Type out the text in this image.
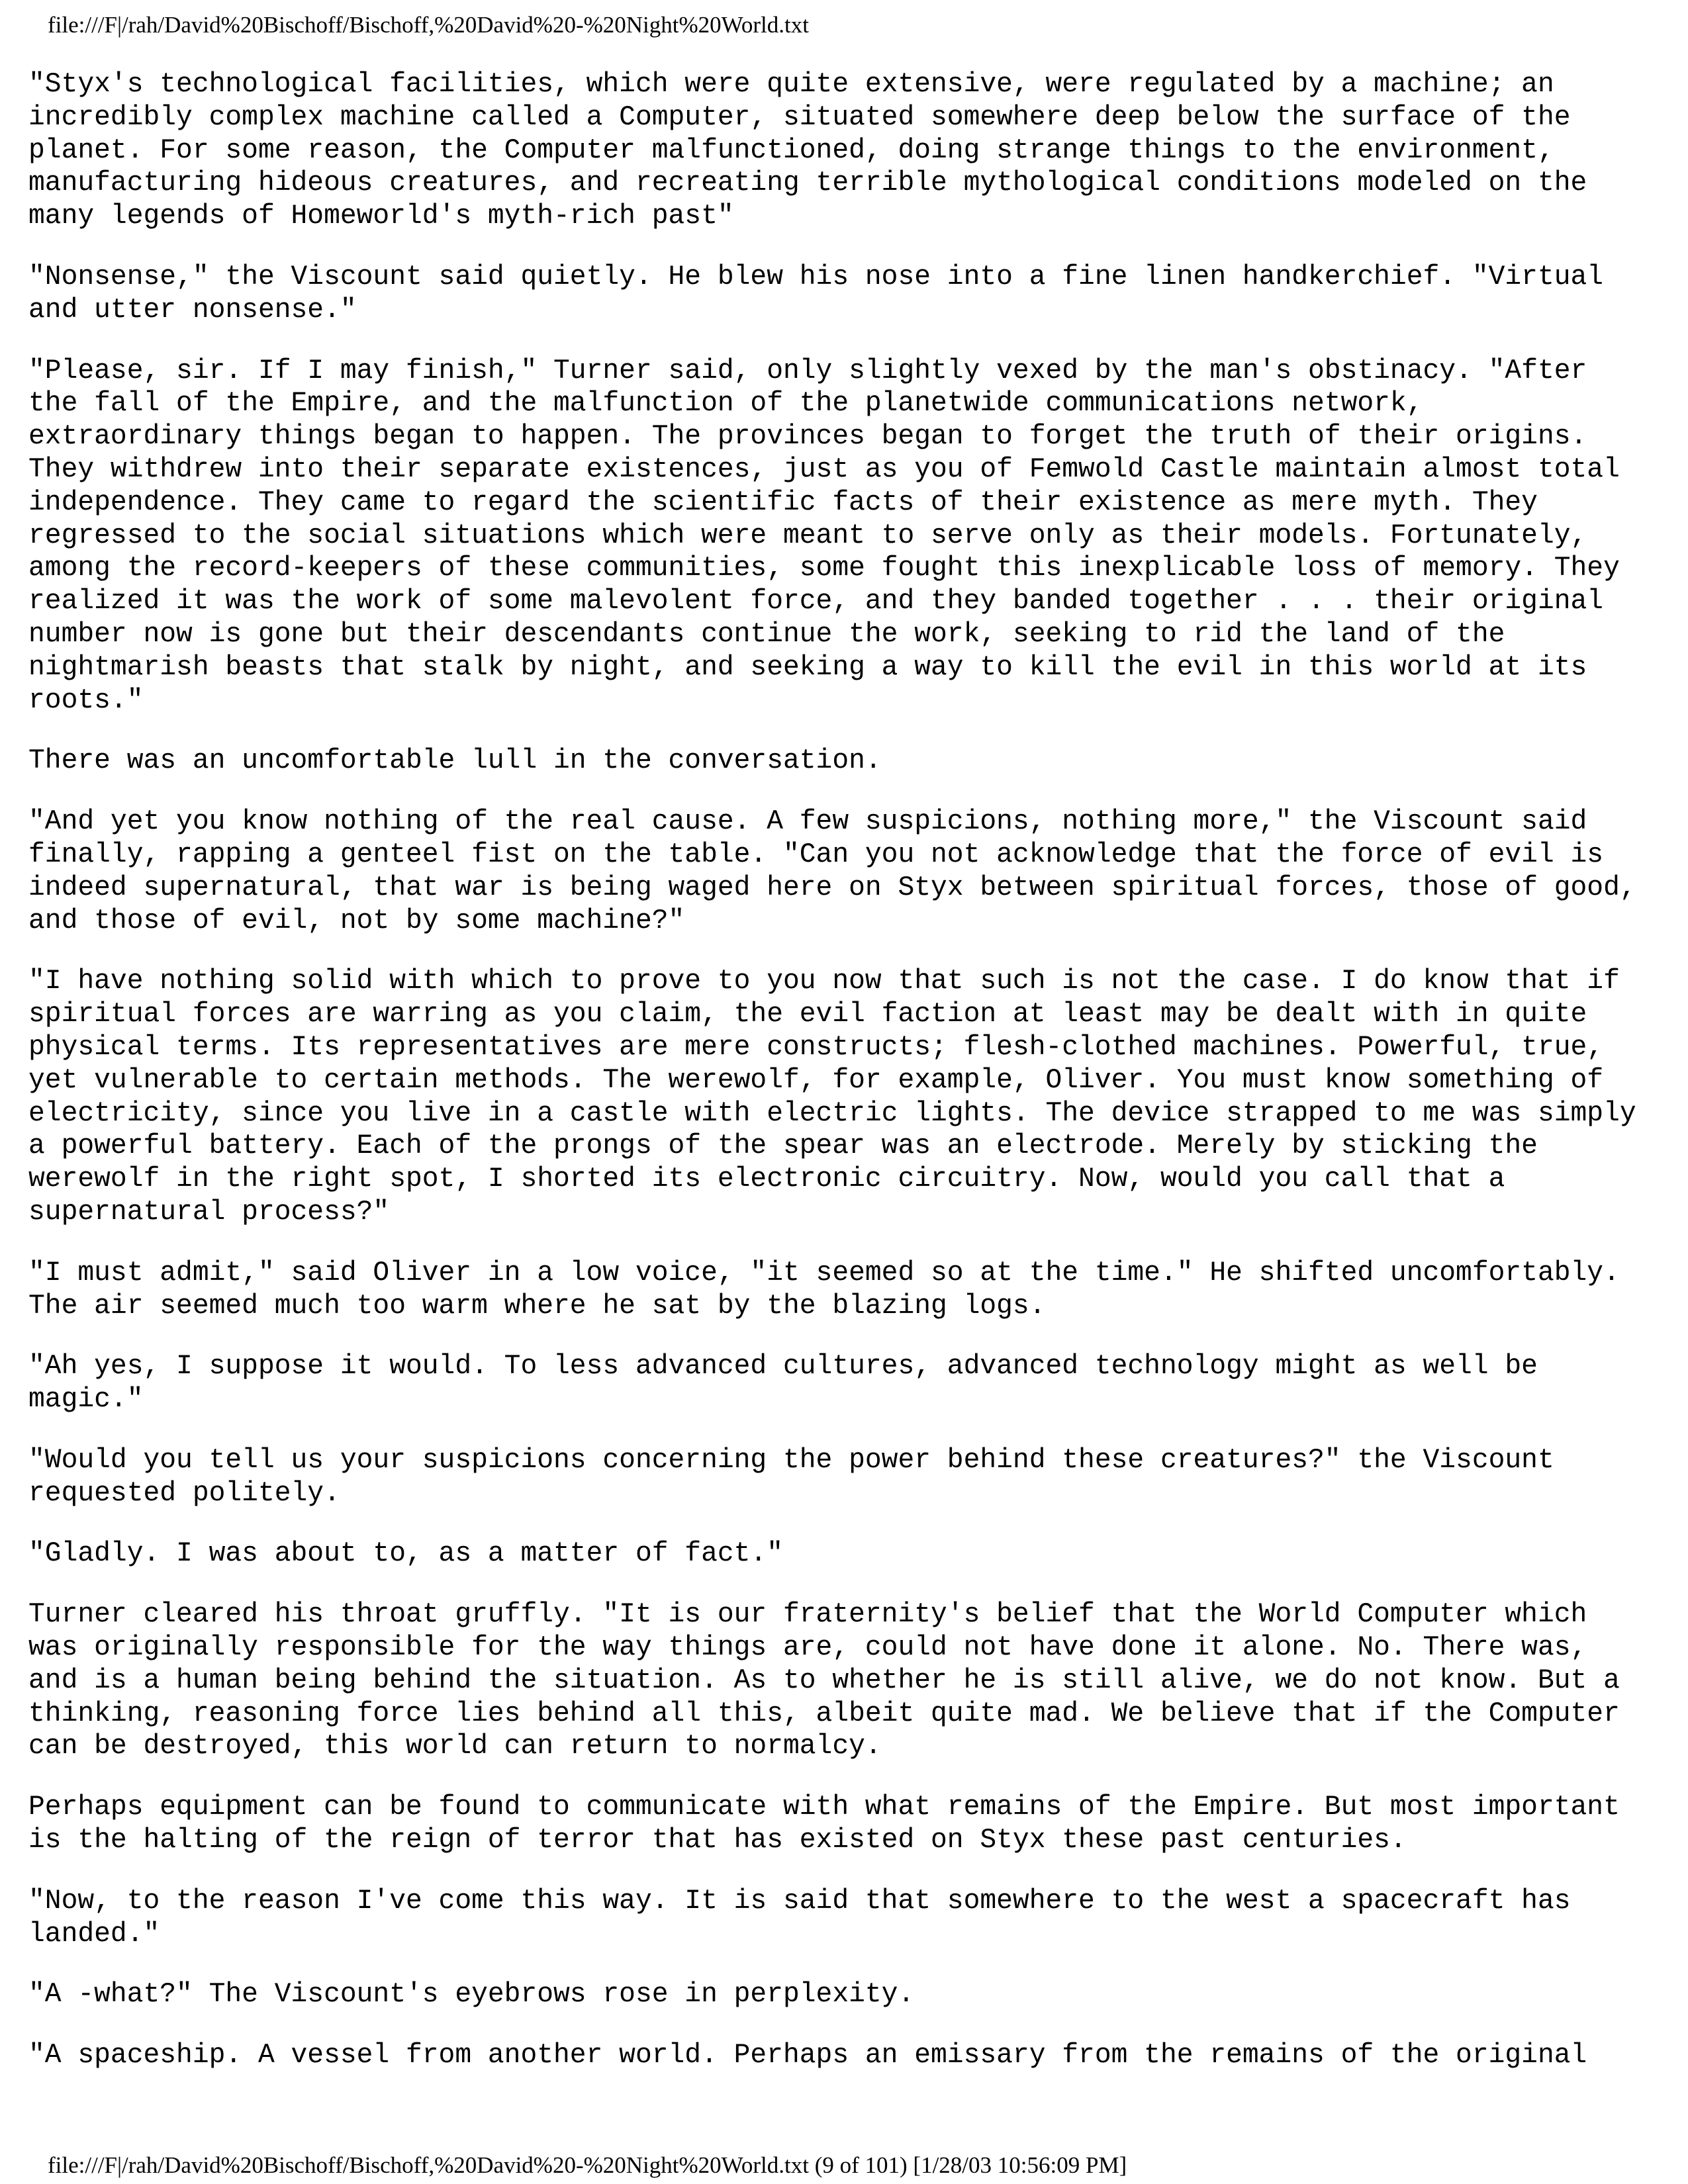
file:///F|/rah/David%20Bischoff/Bischoff,%20David%20-%20Night%20World.txt

"Styx's technological facilities, which were quite extensive, were regulated by a machine; an
incredibly complex machine called a Computer, situated somewhere deep below the surface of the
planet. For some reason, the Computer malfunctioned, doing strange things to the environment,
manufacturing hideous creatures, and recreating terrible mythological conditions modeled on the
many legends of Homeworld's myth-rich past"

"Nonsense," the Viscount said quietly. He blew his nose into a fine linen handkerchief. "Virtual
and utter nonsense."

"Please, sir. If I may finish," Turner said, only slightly vexed by the man's obstinacy. "After
the fall of the Empire, and the malfunction of the planetwide communications network,
extraordinary things began to happen. The provinces began to forget the truth of their origins.
They withdrew into their separate existences, just as you of Femwold Castle maintain almost total
independence. They came to regard the scientific facts of their existence as mere myth. They
regressed to the social situations which were meant to serve only as their models. Fortunately,
among the record-keepers of these communities, some fought this inexplicable loss of memory. They
realized it was the work of some malevolent force, and they banded together . . . their original
number now is gone but their descendants continue the work, seeking to rid the land of the
nightmarish beasts that stalk by night, and seeking a way to kill the evil in this world at its
roots."

There was an uncomfortable lull in the conversation.

"And yet you know nothing of the real cause. A few suspicions, nothing more," the Viscount said
finally, rapping a genteel fist on the table. "Can you not acknowledge that the force of evil is
indeed supernatural, that war is being waged here on Styx between spiritual forces, those of good,
and those of evil, not by some machine?"

"I have nothing solid with which to prove to you now that such is not the case. I do know that if
spiritual forces are warring as you claim, the evil faction at least may be dealt with in quite
physical terms. Its representatives are mere constructs; flesh-clothed machines. Powerful, true,
yet vulnerable to certain methods. The werewolf, for example, Oliver. You must know something of
electricity, since you live in a castle with electric lights. The device strapped to me was simply
a powerful battery. Each of the prongs of the spear was an electrode. Merely by sticking the
werewolf in the right spot, I shorted its electronic circuitry. Now, would you call that a
supernatural process?"

"I must admit," said Oliver in a low voice, "it seemed so at the time." He shifted uncomfortably.
The air seemed much too warm where he sat by the blazing logs.

"Ah yes, I suppose it would. To less advanced cultures, advanced technology might as well be
magic."

"Would you tell us your suspicions concerning the power behind these creatures?" the Viscount
requested politely.

"Gladly. I was about to, as a matter of fact."

Turner cleared his throat gruffly. "It is our fraternity's belief that the World Computer which
was originally responsible for the way things are, could not have done it alone. No. There was,
and is a human being behind the situation. As to whether he is still alive, we do not know. But a
thinking, reasoning force lies behind all this, albeit quite mad. We believe that if the Computer
can be destroyed, this world can return to normalcy.

Perhaps equipment can be found to communicate with what remains of the Empire. But most important
is the halting of the reign of terror that has existed on Styx these past centuries.

"Now, to the reason I've come this way. It is said that somewhere to the west a spacecraft has
landed."

"A -what?" The Viscount's eyebrows rose in perplexity.

"A spaceship. A vessel from another world. Perhaps an emissary from the remains of the original

file:///F|/rah/David%20Bischoff/Bischoff,%20David%20-%20Night%20World.txt (9 of 101) [1/28/03 10:56:09 PM]
